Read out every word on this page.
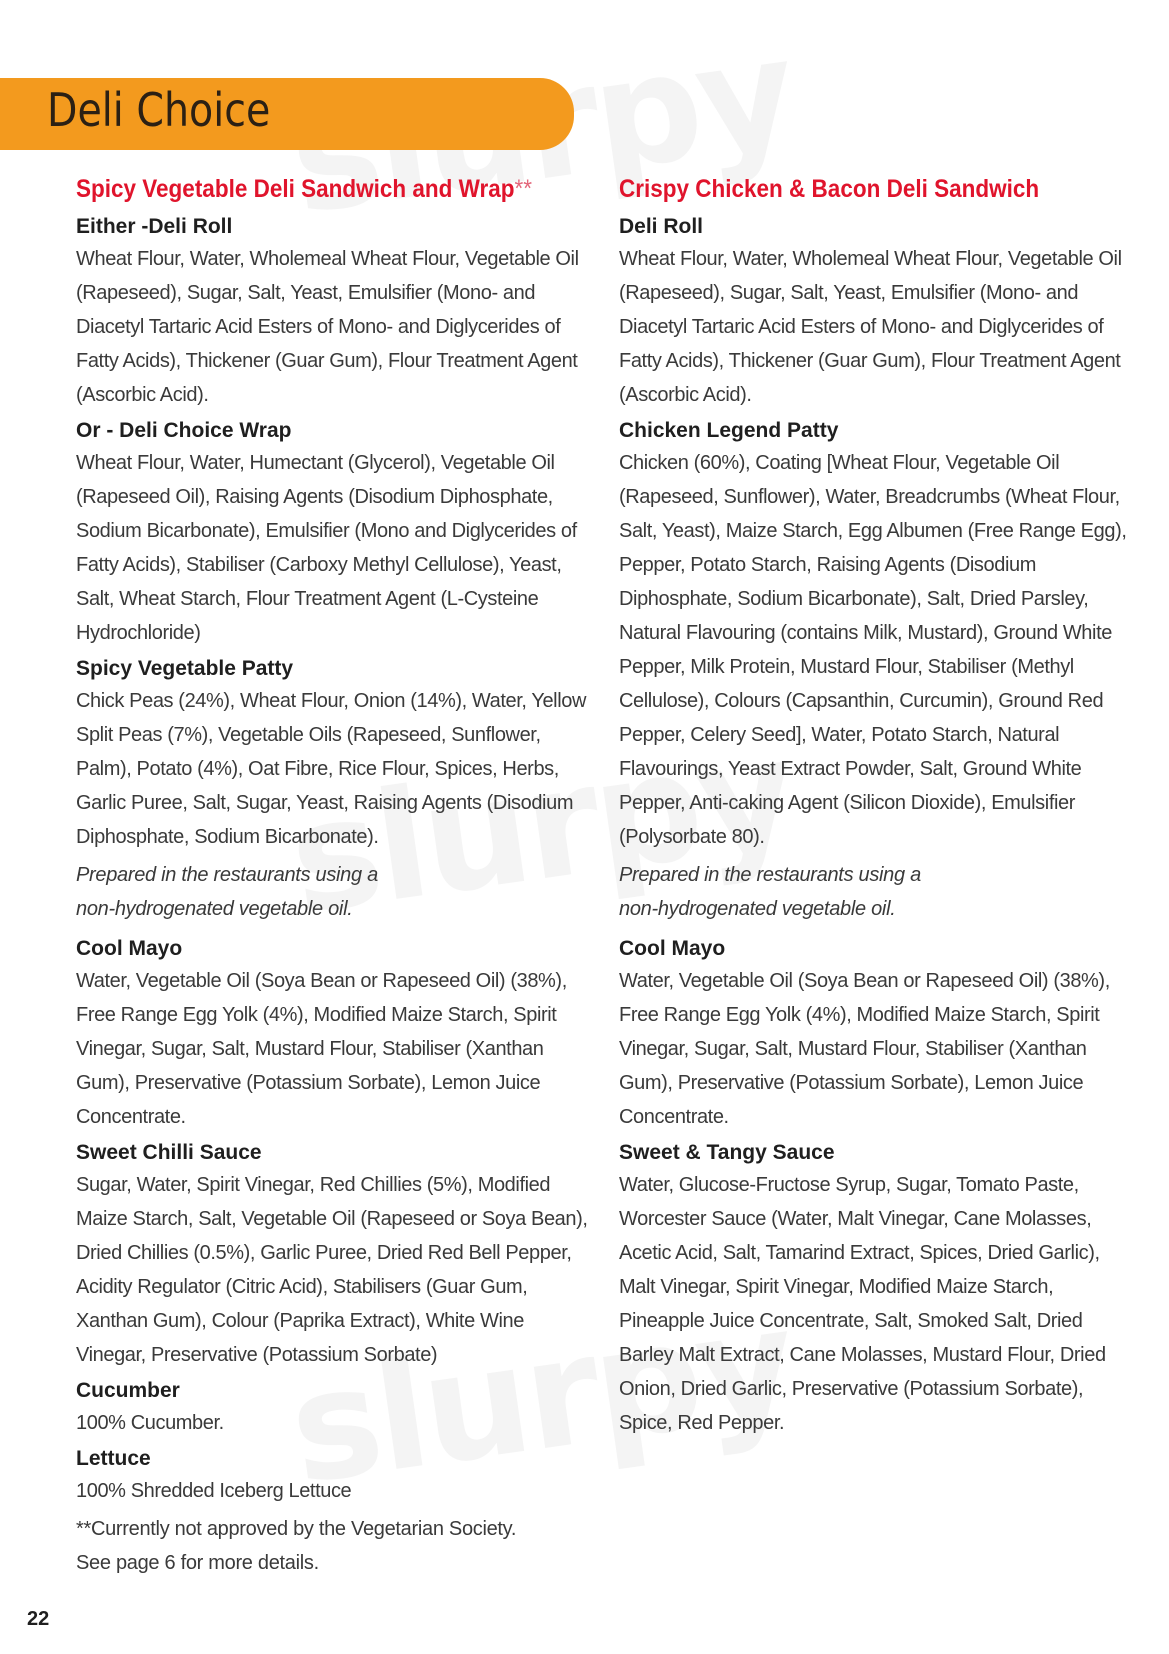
Deli Choice
Spicy Vegetable Deli Sandwich and Wrap**

Either -Deli Roll

Wheat Flour, Water, Wholemeal Wheat Flour, Vegetable Oil (Rapeseed), Sugar, Salt, Yeast, Emulsifier (Mono- and Diacetyl Tartaric Acid Esters of Mono- and Diglycerides of Fatty Acids), Thickener (Guar Gum), Flour Treatment Agent (Ascorbic Acid).

Or - Deli Choice Wrap

Wheat Flour, Water, Humectant (Glycerol), Vegetable Oil (Rapeseed Oil), Raising Agents (Disodium Diphosphate, Sodium Bicarbonate), Emulsifier (Mono and Diglycerides of Fatty Acids), Stabiliser (Carboxy Methyl Cellulose), Yeast, Salt, Wheat Starch, Flour Treatment Agent (L-Cysteine Hydrochloride)

Spicy Vegetable Patty

Chick Peas (24%), Wheat Flour, Onion (14%), Water, Yellow Split Peas (7%), Vegetable Oils (Rapeseed, Sunflower, Palm), Potato (4%), Oat Fibre, Rice Flour, Spices, Herbs, Garlic Puree, Salt, Sugar, Yeast, Raising Agents (Disodium Diphosphate, Sodium Bicarbonate).

Prepared in the restaurants using a
non-hydrogenated vegetable oil.

Cool Mayo

Water, Vegetable Oil (Soya Bean or Rapeseed Oil) (38%), Free Range Egg Yolk (4%), Modified Maize Starch, Spirit Vinegar, Sugar, Salt, Mustard Flour, Stabiliser (Xanthan Gum), Preservative (Potassium Sorbate), Lemon Juice Concentrate.

Sweet Chilli Sauce

Sugar, Water, Spirit Vinegar, Red Chillies (5%), Modified Maize Starch, Salt, Vegetable Oil (Rapeseed or Soya Bean), Dried Chillies (0.5%), Garlic Puree, Dried Red Bell Pepper, Acidity Regulator (Citric Acid), Stabilisers (Guar Gum, Xanthan Gum), Colour (Paprika Extract), White Wine Vinegar, Preservative (Potassium Sorbate)

Cucumber

100% Cucumber.

Lettuce

100% Shredded Iceberg Lettuce

**Currently not approved by the Vegetarian Society.
See page 6 for more details.
Crispy Chicken & Bacon Deli Sandwich

Deli Roll

Wheat Flour, Water, Wholemeal Wheat Flour, Vegetable Oil (Rapeseed), Sugar, Salt, Yeast, Emulsifier (Mono- and Diacetyl Tartaric Acid Esters of Mono- and Diglycerides of Fatty Acids), Thickener (Guar Gum), Flour Treatment Agent (Ascorbic Acid).

Chicken Legend Patty

Chicken (60%), Coating [Wheat Flour, Vegetable Oil (Rapeseed, Sunflower), Water, Breadcrumbs (Wheat Flour, Salt, Yeast), Maize Starch, Egg Albumen (Free Range Egg), Pepper, Potato Starch, Raising Agents (Disodium Diphosphate, Sodium Bicarbonate), Salt, Dried Parsley, Natural Flavouring (contains Milk, Mustard), Ground White Pepper, Milk Protein, Mustard Flour, Stabiliser (Methyl Cellulose), Colours (Capsanthin, Curcumin), Ground Red Pepper, Celery Seed], Water, Potato Starch, Natural Flavourings, Yeast Extract Powder, Salt, Ground White Pepper, Anti-caking Agent (Silicon Dioxide), Emulsifier (Polysorbate 80).

Prepared in the restaurants using a
non-hydrogenated vegetable oil.

Cool Mayo

Water, Vegetable Oil (Soya Bean or Rapeseed Oil) (38%), Free Range Egg Yolk (4%), Modified Maize Starch, Spirit Vinegar, Sugar, Salt, Mustard Flour, Stabiliser (Xanthan Gum), Preservative (Potassium Sorbate), Lemon Juice Concentrate.

Sweet & Tangy Sauce

Water, Glucose-Fructose Syrup, Sugar, Tomato Paste, Worcester Sauce (Water, Malt Vinegar, Cane Molasses, Acetic Acid, Salt, Tamarind Extract, Spices, Dried Garlic), Malt Vinegar, Spirit Vinegar, Modified Maize Starch, Pineapple Juice Concentrate, Salt, Smoked Salt, Dried Barley Malt Extract, Cane Molasses, Mustard Flour, Dried Onion, Dried Garlic, Preservative (Potassium Sorbate), Spice, Red Pepper.

22
